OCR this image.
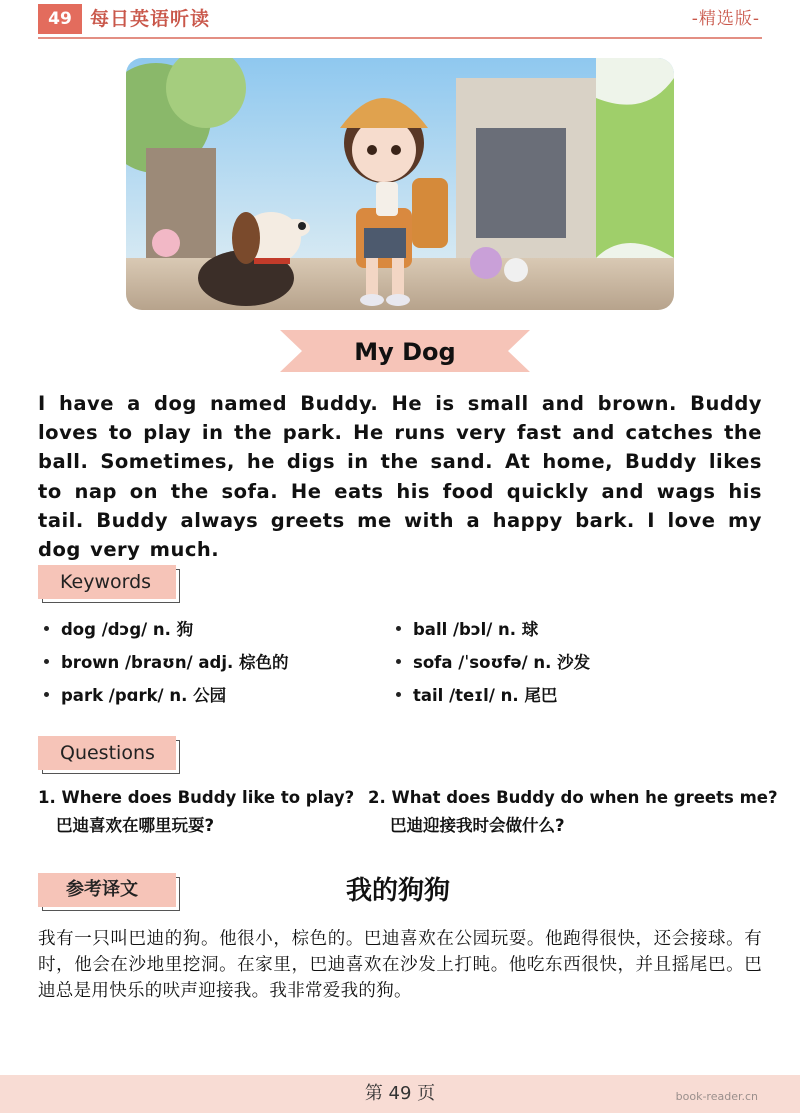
49 每日英语听读	-精选版-
My Dog

I have a dog named Buddy. He is small and brown. Buddy loves to play in the park. He runs very fast and catches the ball. Sometimes, he digs in the sand. At home, Buddy likes to nap on the sofa. He eats his food quickly and wags his tail. Buddy always greets me with a happy bark. I love my dog very much.

Keywords
dog /dɔg/ n. 狗
brown /braʊn/ adj. 棕色的
park /pɑrk/ n. 公园
ball /bɔl/ n. 球
sofa /ˈsoʊfə/ n. 沙发
tail /teɪl/ n. 尾巴
Questions
1. Where does Buddy like to play?
巴迪喜欢在哪里玩耍?
2. What does Buddy do when he greets me?
巴迪迎接我时会做什么?
参考译文	我的狗狗

我有一只叫巴迪的狗。他很小，棕色的。巴迪喜欢在公园玩耍。他跑得很快，还会接球。有时，他会在沙地里挖洞。在家里，巴迪喜欢在沙发上打盹。他吃东西很快，并且摇尾巴。巴迪总是用快乐的吠声迎接我。我非常爱我的狗。

第 49 页	book-reader.cn
